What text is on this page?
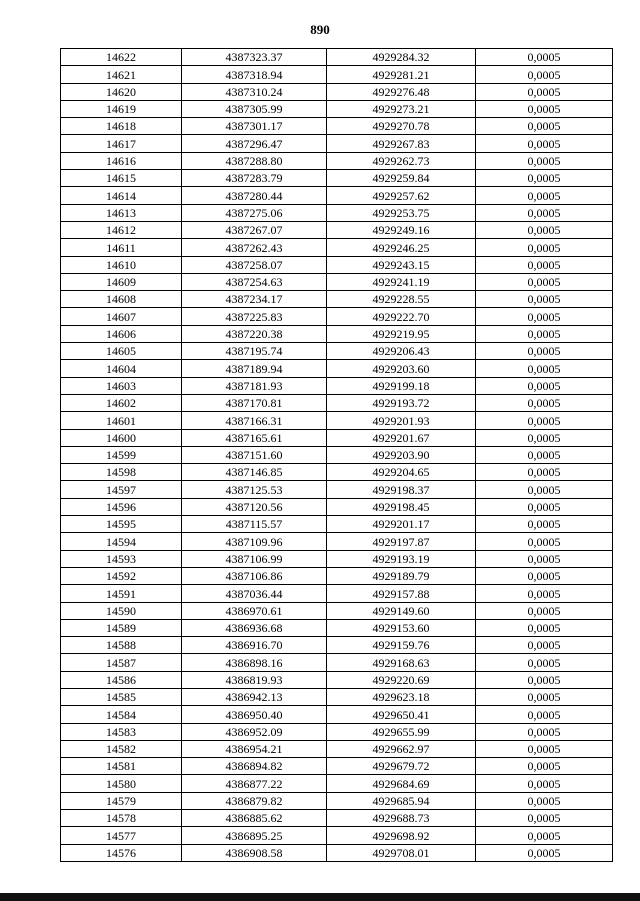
890
14622	4387323.37	4929284.32	0,0005
14621	4387318.94	4929281.21	0,0005
14620	4387310.24	4929276.48	0,0005
14619	4387305.99	4929273.21	0,0005
14618	4387301.17	4929270.78	0,0005
14617	4387296.47	4929267.83	0,0005
14616	4387288.80	4929262.73	0,0005
14615	4387283.79	4929259.84	0,0005
14614	4387280.44	4929257.62	0,0005
14613	4387275.06	4929253.75	0,0005
14612	4387267.07	4929249.16	0,0005
14611	4387262.43	4929246.25	0,0005
14610	4387258.07	4929243.15	0,0005
14609	4387254.63	4929241.19	0,0005
14608	4387234.17	4929228.55	0,0005
14607	4387225.83	4929222.70	0,0005
14606	4387220.38	4929219.95	0,0005
14605	4387195.74	4929206.43	0,0005
14604	4387189.94	4929203.60	0,0005
14603	4387181.93	4929199.18	0,0005
14602	4387170.81	4929193.72	0,0005
14601	4387166.31	4929201.93	0,0005
14600	4387165.61	4929201.67	0,0005
14599	4387151.60	4929203.90	0,0005
14598	4387146.85	4929204.65	0,0005
14597	4387125.53	4929198.37	0,0005
14596	4387120.56	4929198.45	0,0005
14595	4387115.57	4929201.17	0,0005
14594	4387109.96	4929197.87	0,0005
14593	4387106.99	4929193.19	0,0005
14592	4387106.86	4929189.79	0,0005
14591	4387036.44	4929157.88	0,0005
14590	4386970.61	4929149.60	0,0005
14589	4386936.68	4929153.60	0,0005
14588	4386916.70	4929159.76	0,0005
14587	4386898.16	4929168.63	0,0005
14586	4386819.93	4929220.69	0,0005
14585	4386942.13	4929623.18	0,0005
14584	4386950.40	4929650.41	0,0005
14583	4386952.09	4929655.99	0,0005
14582	4386954.21	4929662.97	0,0005
14581	4386894.82	4929679.72	0,0005
14580	4386877.22	4929684.69	0,0005
14579	4386879.82	4929685.94	0,0005
14578	4386885.62	4929688.73	0,0005
14577	4386895.25	4929698.92	0,0005
14576	4386908.58	4929708.01	0,0005
